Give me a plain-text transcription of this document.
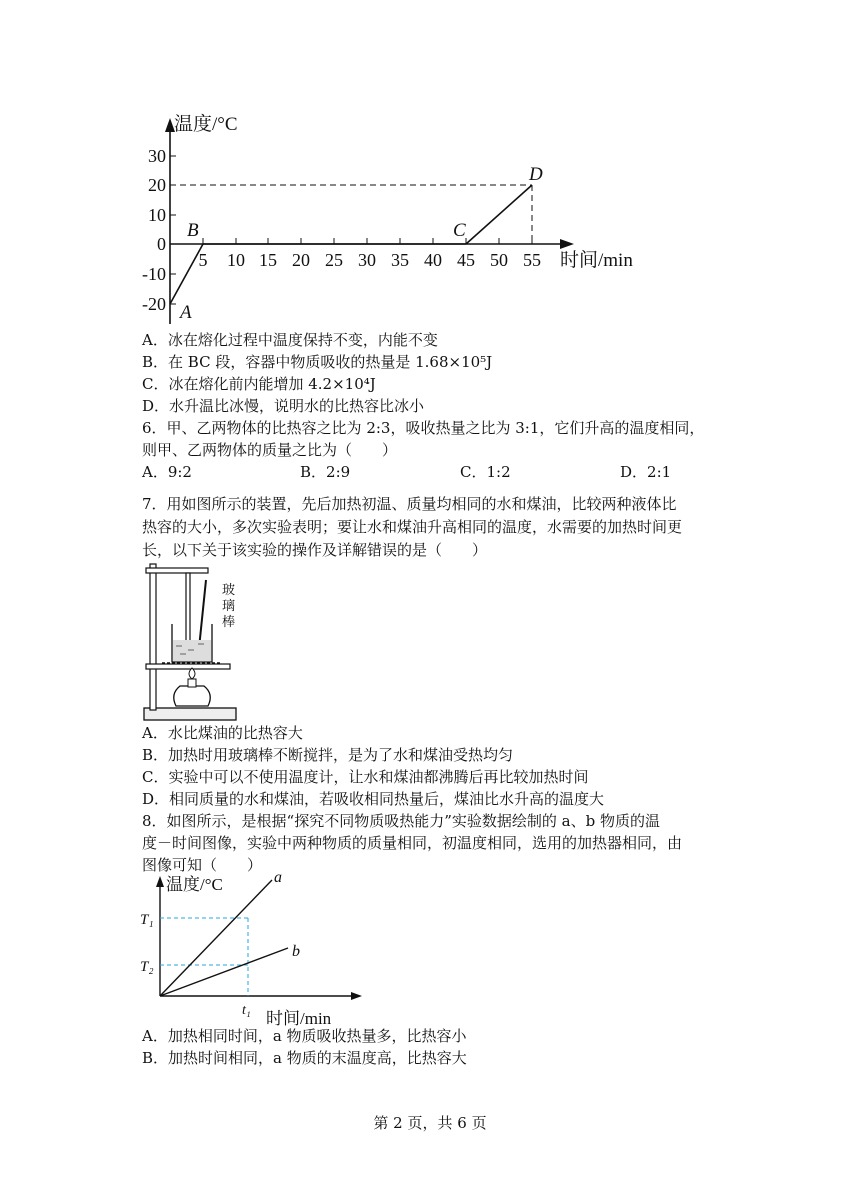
温度/°C
时间/min
30
20
10
0
-10
-20
5 10 15 20 25 30 35 40 45 50 55
A
B	C
D
A．冰在熔化过程中温度保持不变，内能不变
B．在 BC 段，容器中物质吸收的热量是 1.68×10⁵J
C．冰在熔化前内能增加 4.2×10⁴J
D．水升温比冰慢，说明水的比热容比冰小
6．甲、乙两物体的比热容之比为 2:3，吸收热量之比为 3:1，它们升高的温度相同，
则甲、乙两物体的质量之比为（　　）
A．9:2	B．2:9	C．1:2	D．2:1
7．用如图所示的装置，先后加热初温、质量均相同的水和煤油，比较两种液体比
热容的大小，多次实验表明；要让水和煤油升高相同的温度，水需要的加热时间更
长，以下关于该实验的操作及详解错误的是（　　）
玻
璃
棒
A．水比煤油的比热容大
B．加热时用玻璃棒不断搅拌，是为了水和煤油受热均匀
C．实验中可以不使用温度计，让水和煤油都沸腾后再比较加热时间
D．相同质量的水和煤油，若吸收相同热量后，煤油比水升高的温度大
8．如图所示，是根据“探究不同物质吸热能力”实验数据绘制的 a、b 物质的温
度－时间图像，实验中两种物质的质量相同，初温度相同，选用的加热器相同，由
图像可知（　　）
温度/°C
时间/min
a
b
T₁
T₂
t₁
A．加热相同时间，a 物质吸收热量多，比热容小
B．加热时间相同，a 物质的末温度高，比热容大
第 2 页，共 6 页
